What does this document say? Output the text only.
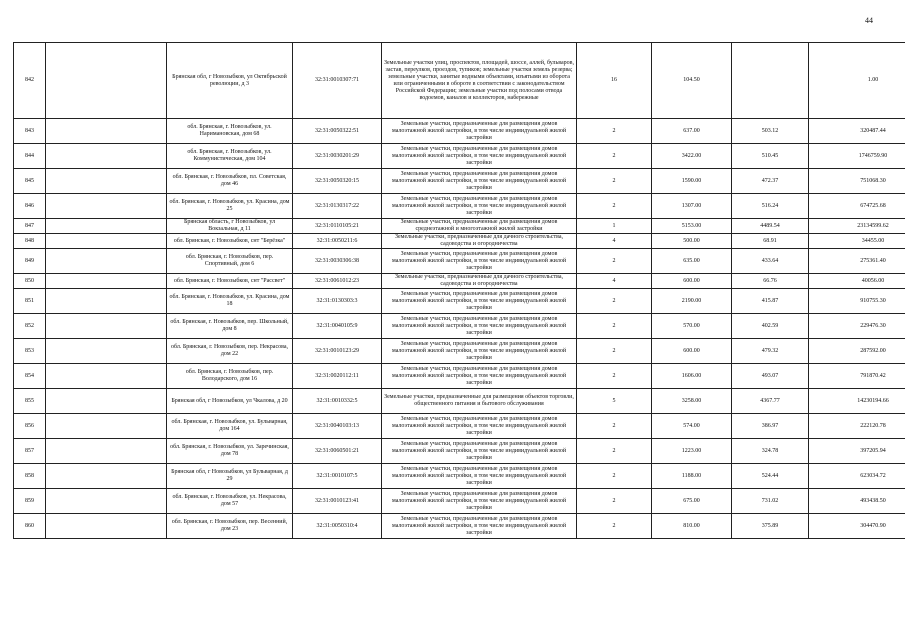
44
842		Брянская обл, г Новозыбков, ул Октябрьской революции, д 3	32:31:0010307:71	Земельные участки улиц, проспектов, площадей, шоссе, аллей, бульваров, застав, переулков, проездов, тупиков; земельные участки земель резерва; земельные участки, занятые водными объектами, изъятыми из оборота или ограниченными в обороте в соответствии с законодательством Российской Федерации; земельные участки под полосами отвода водоемов, каналов и коллекторов, набережные	16	104.50		1.00
843		обл. Брянская, г. Новозыбков, ул. Наримановская, дом 68	32:31:0050322:51	Земельные участки, предназначенные для размещения домов малоэтажной жилой застройки, в том числе индивидуальной жилой застройки	2	637.00	503.12	320487.44
844		обл. Брянская, г. Новозыбков, ул. Коммунистическая, дом 104	32:31:0030201:29	Земельные участки, предназначенные для размещения домов малоэтажной жилой застройки, в том числе индивидуальной жилой застройки	2	3422.00	510.45	1746759.90
845		обл. Брянская, г. Новозыбков, пл. Советская, дом 46	32:31:0050320:15	Земельные участки, предназначенные для размещения домов малоэтажной жилой застройки, в том числе индивидуальной жилой застройки	2	1590.00	472.37	751068.30
846		обл. Брянская, г. Новозыбков, ул. Красина, дом 25	32:31:0130317:22	Земельные участки, предназначенные для размещения домов малоэтажной жилой застройки, в том числе индивидуальной жилой застройки	2	1307.00	516.24	674725.68
847		Брянская область, г Новозыбков, ул Вокзальная, д 11	32:31:0110105:21	Земельные участки, предназначенные для размещения домов среднеэтажной и многоэтажной жилой застройки	1	5153.00	4489.54	23134599.62
848		обл. Брянская, г. Новозыбков, снт "Берёзка"	32:31:0050211:6	Земельные участки, предназначенные для дачного строительства, садоводства и огородничества	4	500.00	68.91	34455.00
849		обл. Брянская, г. Новозыбков, пер. Спортивный, дом 6	32:31:0030306:38	Земельные участки, предназначенные для размещения домов малоэтажной жилой застройки, в том числе индивидуальной жилой застройки	2	635.00	433.64	275361.40
850		обл. Брянская, г. Новозыбков, снт "Рассвет"	32:31:0061012:23	Земельные участки, предназначенные для дачного строительства, садоводства и огородничества	4	600.00	66.76	40056.00
851		обл. Брянская, г. Новозыбков, ул. Красина, дом 18	32:31:0130303:3	Земельные участки, предназначенные для размещения домов малоэтажной жилой застройки, в том числе индивидуальной жилой застройки	2	2190.00	415.87	910755.30
852		обл. Брянская, г. Новозыбков, пер. Школьный, дом 8	32:31:0040105:9	Земельные участки, предназначенные для размещения домов малоэтажной жилой застройки, в том числе индивидуальной жилой застройки	2	570.00	402.59	229476.30
853		обл. Брянская, г. Новозыбков, пер. Некрасова, дом 22	32:31:0010123:29	Земельные участки, предназначенные для размещения домов малоэтажной жилой застройки, в том числе индивидуальной жилой застройки	2	600.00	479.32	287592.00
854		обл. Брянская, г. Новозыбков, пер. Володарского, дом 16	32:31:0020112:11	Земельные участки, предназначенные для размещения домов малоэтажной жилой застройки, в том числе индивидуальной жилой застройки	2	1606.00	493.07	791870.42
855		Брянская обл, г Новозыбков, ул Чкалова, д 20	32:31:0010332:5	Земельные участки, предназначенные для размещения объектов торговли, общественного питания и бытового обслуживания	5	3258.00	4367.77	14230194.66
856		обл. Брянская, г. Новозыбков, ул. Бульварная, дом 164	32:31:0040103:13	Земельные участки, предназначенные для размещения домов малоэтажной жилой застройки, в том числе индивидуальной жилой застройки	2	574.00	386.97	222120.78
857		обл. Брянская, г. Новозыбков, ул. Заречинская, дом 78	32:31:0060501:21	Земельные участки, предназначенные для размещения домов малоэтажной жилой застройки, в том числе индивидуальной жилой застройки	2	1223.00	324.78	397205.94
858		Брянская обл, г Новозыбков, ул Бульварная, д 29	32:31:0010107:5	Земельные участки, предназначенные для размещения домов малоэтажной жилой застройки, в том числе индивидуальной жилой застройки	2	1188.00	524.44	623034.72
859		обл. Брянская, г. Новозыбков, ул. Некрасова, дом 57	32:31:0010123:41	Земельные участки, предназначенные для размещения домов малоэтажной жилой застройки, в том числе индивидуальной жилой застройки	2	675.00	731.02	493438.50
860		обл. Брянская, г. Новозыбков, пер. Весенний, дом 23	32:31:0050310:4	Земельные участки, предназначенные для размещения домов малоэтажной жилой застройки, в том числе индивидуальной жилой застройки	2	810.00	375.89	304470.90
